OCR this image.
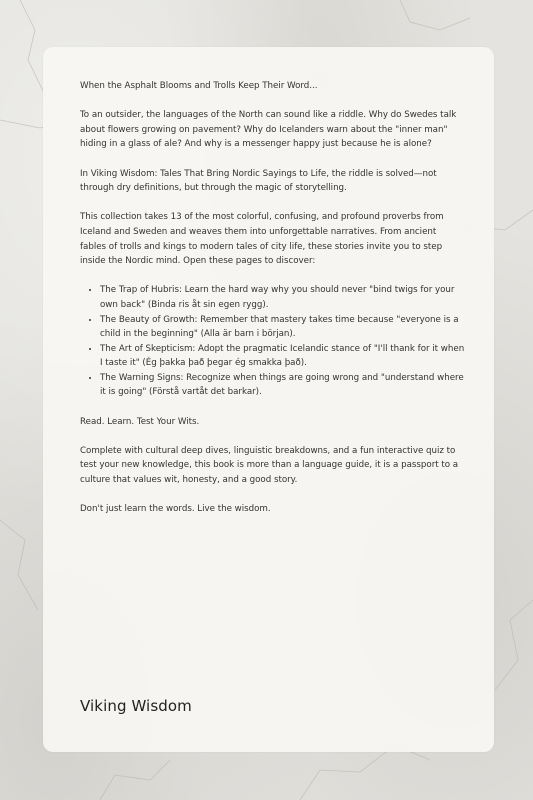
When the Asphalt Blooms and Trolls Keep Their Word...

To an outsider, the languages of the North can sound like a riddle. Why do Swedes talk about flowers growing on pavement? Why do Icelanders warn about the "inner man" hiding in a glass of ale? And why is a messenger happy just because he is alone?

In Viking Wisdom: Tales That Bring Nordic Sayings to Life, the riddle is solved—not through dry definitions, but through the magic of storytelling.

This collection takes 13 of the most colorful, confusing, and profound proverbs from Iceland and Sweden and weaves them into unforgettable narratives. From ancient fables of trolls and kings to modern tales of city life, these stories invite you to step inside the Nordic mind. Open these pages to discover:

• The Trap of Hubris: Learn the hard way why you should never "bind twigs for your own back" (Binda ris åt sin egen rygg).
• The Beauty of Growth: Remember that mastery takes time because "everyone is a child in the beginning" (Alla är barn i början).
• The Art of Skepticism: Adopt the pragmatic Icelandic stance of "I'll thank for it when I taste it" (Ég þakka það þegar ég smakka það).
• The Warning Signs: Recognize when things are going wrong and "understand where it is going" (Förstå vartåt det barkar).

Read. Learn. Test Your Wits.

Complete with cultural deep dives, linguistic breakdowns, and a fun interactive quiz to test your new knowledge, this book is more than a language guide, it is a passport to a culture that values wit, honesty, and a good story.

Don't just learn the words. Live the wisdom.

Viking Wisdom
